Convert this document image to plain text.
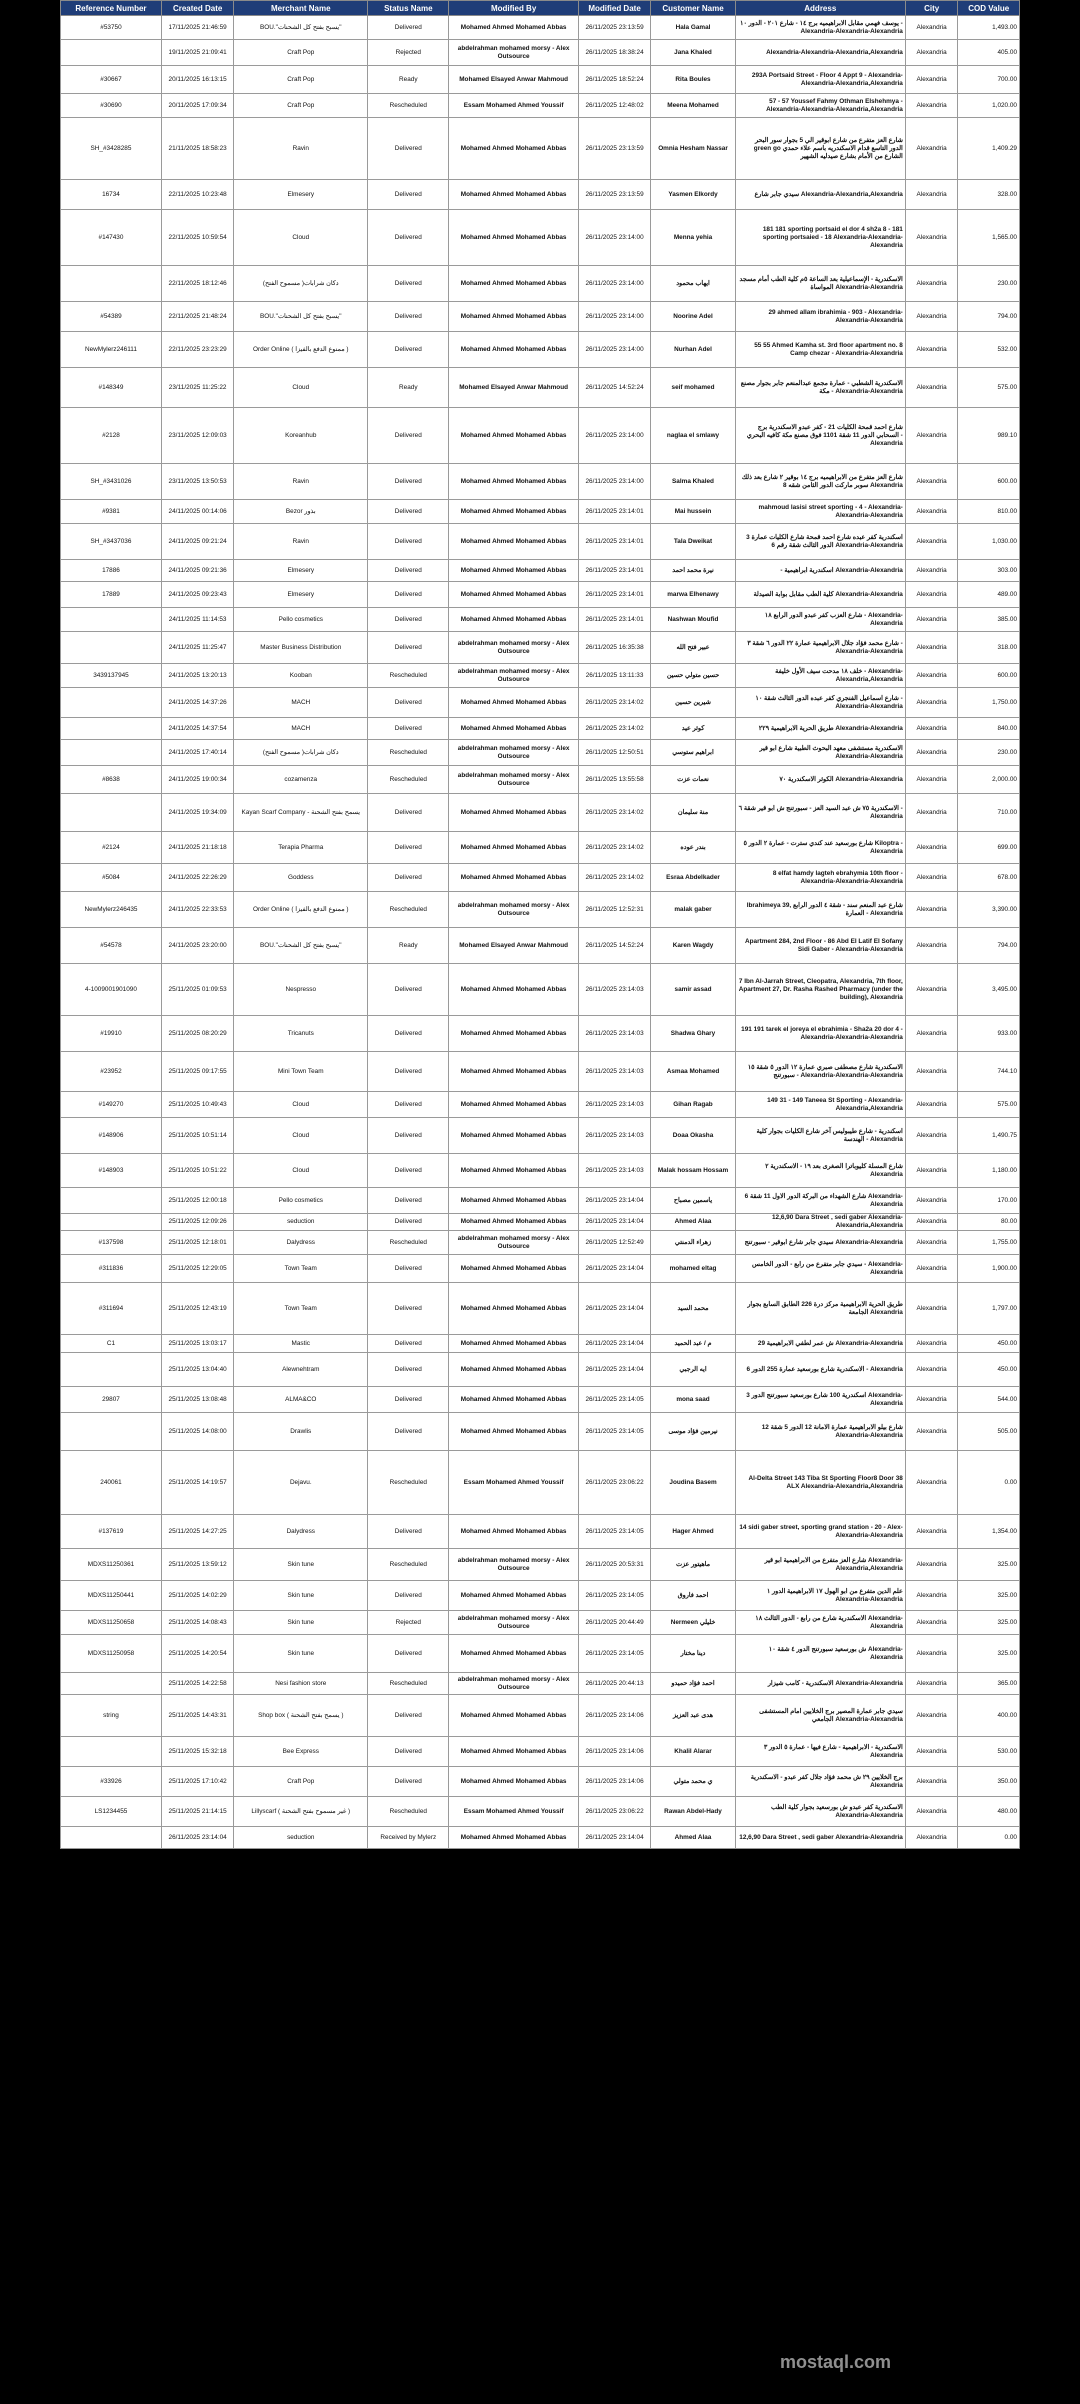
Reference Number	Created Date	Merchant Name	Status Name	Modified By	Modified Date	Customer Name	Address	City	COD Value
#53750	17/11/2025 21:46:59	BOU."يسبح بفتح كل الشحنات"	Delivered	Mohamed Ahmed Mohamed Abbas	26/11/2025 23:13:59	Hala Gamal	يوسف فهمي مقابل الابراهيميه برج ١٤ - شارع ٢٠١ - الدور ١٠ - Alexandria-Alexandria-Alexandria	Alexandria	1,493.00
	19/11/2025 21:09:41	Craft Pop	Rejected	abdelrahman mohamed morsy - Alex Outsource	26/11/2025 18:38:24	Jana Khaled	Alexandria-Alexandria-Alexandria,Alexandria	Alexandria	405.00
#30667	20/11/2025 16:13:15	Craft Pop	Ready	Mohamed Elsayed Anwar Mahmoud	26/11/2025 18:52:24	Rita Boules	293A Portsaid Street - Floor 4 Appt 9 - Alexandria-Alexandria-Alexandria,Alexandria	Alexandria	700.00
#30690	20/11/2025 17:09:34	Craft Pop	Rescheduled	Essam Mohamed Ahmed Youssif	26/11/2025 12:48:02	Meena Mohamed	57 - 57 Youssef Fahmy Othman Elshehmya - Alexandria-Alexandria-Alexandria,Alexandria	Alexandria	1,020.00
SH_#3428285	21/11/2025 18:58:23	Ravin	Delivered	Mohamed Ahmed Mohamed Abbas	26/11/2025 23:13:59	Omnia Hesham Nassar	شارع العز متفرع من شارع ابوقير الي 5 بجوار سور البحر green go الدور التاسع قدام الاسكندريه باسم علاء حمدي الشارع من الأمام بشارع صيدليه الشهير	Alexandria	1,409.29
16734	22/11/2025 10:23:48	Elmesery	Delivered	Mohamed Ahmed Mohamed Abbas	26/11/2025 23:13:59	Yasmen Elkordy	سيدي جابر شارع Alexandria-Alexandria,Alexandria	Alexandria	328.00
#147430	22/11/2025 10:59:54	Cloud	Delivered	Mohamed Ahmed Mohamed Abbas	26/11/2025 23:14:00	Menna yehia	181 181 sporting portsaid el dor 4 sh2a 8 - 181 sporting portsaied - 18 Alexandria-Alexandria-Alexandria	Alexandria	1,565.00
	22/11/2025 18:12:46	دكان شرابات( مسموح الفتح)	Delivered	Mohamed Ahmed Mohamed Abbas	26/11/2025 23:14:00	ايهاب محمود	الاسكندرية - الإسماعيلية بعد الساعة ٥م كلية الطب أمام مسجد المواساة Alexandria-Alexandria	Alexandria	230.00
#54389	22/11/2025 21:48:24	BOU."يسبح بفتح كل الشحنات"	Delivered	Mohamed Ahmed Mohamed Abbas	26/11/2025 23:14:00	Noorine Adel	29 ahmed allam ibrahimia - 903 - Alexandria-Alexandria-Alexandria	Alexandria	794.00
NewMylerz246111	22/11/2025 23:23:29	Order Online ( ممنوع الدفع بالفيزا )	Delivered	Mohamed Ahmed Mohamed Abbas	26/11/2025 23:14:00	Nurhan Adel	55 55 Ahmed Kamha st. 3rd floor apartment no. 8 Camp chezar - Alexandria-Alexandria	Alexandria	532.00
#148349	23/11/2025 11:25:22	Cloud	Ready	Mohamed Elsayed Anwar Mahmoud	26/11/2025 14:52:24	seif mohamed	الاسكندرية الشطبي - عمارة مجمع عبدالمنعم جابر بجوار مصنع مكة - Alexandria-Alexandria	Alexandria	575.00
#2128	23/11/2025 12:09:03	Koreanhub	Delivered	Mohamed Ahmed Mohamed Abbas	26/11/2025 23:14:00	naglaa el smlawy	شارع احمد قمحة الكليات 21 - كفر عبدو الاسكندرية برج السحابي الدور 11 شقة 1101 فوق مصنع مكة كافيه البحري - Alexandria	Alexandria	989.10
SH_#3431026	23/11/2025 13:50:53	Ravin	Delivered	Mohamed Ahmed Mohamed Abbas	26/11/2025 23:14:00	Salma Khaled	شارع العز متفرع من الابراهيميه برج ١٤ بوقير ٢ شارع بعد ذلك سوبر ماركت الدور الثامن شقه 8 Alexandria	Alexandria	600.00
#9381	24/11/2025 00:14:06	Bezor بذور	Delivered	Mohamed Ahmed Mohamed Abbas	26/11/2025 23:14:01	Mai hussein	mahmoud lasisi street sporting - 4 - Alexandria-Alexandria-Alexandria	Alexandria	810.00
SH_#3437036	24/11/2025 09:21:24	Ravin	Delivered	Mohamed Ahmed Mohamed Abbas	26/11/2025 23:14:01	Tala Dweikat	اسكندرية كفر عبده شارع احمد قمحة شارع الكليات عمارة 3 الدور الثالث شقة رقم 6 Alexandria-Alexandria	Alexandria	1,030.00
17886	24/11/2025 09:21:36	Elmesery	Delivered	Mohamed Ahmed Mohamed Abbas	26/11/2025 23:14:01	نيرة محمد احمد	- اسكندرية ابراهيمية Alexandria-Alexandria	Alexandria	303.00
17889	24/11/2025 09:23:43	Elmesery	Delivered	Mohamed Ahmed Mohamed Abbas	26/11/2025 23:14:01	marwa Elhenawy	كلية الطب مقابل بوابة الصيدلة Alexandria-Alexandria	Alexandria	489.00
	24/11/2025 11:14:53	Pello cosmetics	Delivered	Mohamed Ahmed Mohamed Abbas	26/11/2025 23:14:01	Nashwan Moufid	شارع العزب كفر عبدو الدور الرابع ١٨ - Alexandria-Alexandria	Alexandria	385.00
	24/11/2025 11:25:47	Master Business Distribution	Delivered	abdelrahman mohamed morsy - Alex Outsource	26/11/2025 16:35:38	عبير فتح الله	شارع محمد فؤاد جلال الابراهيمية عمارة ٢٢ الدور ٦ شقة ٣ - Alexandria-Alexandria	Alexandria	318.00
3439137945	24/11/2025 13:20:13	Kooban	Rescheduled	abdelrahman mohamed morsy - Alex Outsource	26/11/2025 13:11:33	حسين متولي حسين	خلف ١٨ مدحت سيف الأول خليفة - Alexandria-Alexandria,Alexandria	Alexandria	600.00
	24/11/2025 14:37:26	MACH	Delivered	Mohamed Ahmed Mohamed Abbas	26/11/2025 23:14:02	شيرين حسين	شارع اسماعيل الفنجري كفر عبده الدور الثالث شقة ١٠ - Alexandria-Alexandria	Alexandria	1,750.00
	24/11/2025 14:37:54	MACH	Delivered	Mohamed Ahmed Mohamed Abbas	26/11/2025 23:14:02	كوثر عيد	طريق الحرية الابراهيمية ٢٢٩ Alexandria-Alexandria	Alexandria	840.00
	24/11/2025 17:40:14	دكان شرابات( مسموح الفتح)	Rescheduled	abdelrahman mohamed morsy - Alex Outsource	26/11/2025 12:50:51	ابراهيم ستوسي	الاسكندرية مستشفى معهد البحوث الطبية شارع ابو قير Alexandria-Alexandria	Alexandria	230.00
#8638	24/11/2025 19:00:34	cozamenza	Rescheduled	abdelrahman mohamed morsy - Alex Outsource	26/11/2025 13:55:58	نعمات عزت	الكوثر الاسكندرية ٧٠ Alexandria-Alexandria	Alexandria	2,000.00
	24/11/2025 19:34:09	Kayan Scarf Company - يسمح بفتح الشحنة	Delivered	Mohamed Ahmed Mohamed Abbas	26/11/2025 23:14:02	منة سليمان	الاسكندرية ٧٥ ش عبد السيد العز - سبورتنج ش ابو قير شقة ٦ - Alexandria	Alexandria	710.00
#2124	24/11/2025 21:18:18	Terapia Pharma	Delivered	Mohamed Ahmed Mohamed Abbas	26/11/2025 23:14:02	بندر عوده	شارع بورسعيد عند كندي سترت - عمارة ٢ الدور ٥ Kiloptra - Alexandria	Alexandria	699.00
#5084	24/11/2025 22:26:29	Goddess	Delivered	Mohamed Ahmed Mohamed Abbas	26/11/2025 23:14:02	Esraa Abdelkader	8 elfat hamdy lagteh ebrahymia 10th floor - Alexandria-Alexandria-Alexandria	Alexandria	678.00
NewMylerz246435	24/11/2025 22:33:53	Order Online ( ممنوع الدفع بالفيزا )	Rescheduled	abdelrahman mohamed morsy - Alex Outsource	26/11/2025 12:52:31	malak gaber	Ibrahimeya 39, شارع عبد المنعم سند - شقة ٤ الدور الرابع العمارة - Alexandria	Alexandria	3,390.00
#54578	24/11/2025 23:20:00	BOU."يسبح بفتح كل الشحنات"	Ready	Mohamed Elsayed Anwar Mahmoud	26/11/2025 14:52:24	Karen Wagdy	Apartment 284, 2nd Floor - 86 Abd El Latif El Sofany Sidi Gaber - Alexandria-Alexandria	Alexandria	794.00
4-1009001901090	25/11/2025 01:09:53	Nespresso	Delivered	Mohamed Ahmed Mohamed Abbas	26/11/2025 23:14:03	samir assad	7 Ibn Al-Jarrah Street, Cleopatra, Alexandria, 7th floor, Apartment 27, Dr. Rasha Rashed Pharmacy (under the building), Alexandria	Alexandria	3,495.00
#19910	25/11/2025 08:20:29	Tricanuts	Delivered	Mohamed Ahmed Mohamed Abbas	26/11/2025 23:14:03	Shadwa Ghary	191 191 tarek el joreya el ebrahimia - Sha2a 20 dor 4 - Alexandria-Alexandria-Alexandria	Alexandria	933.00
#23952	25/11/2025 09:17:55	Mini Town Team	Delivered	Mohamed Ahmed Mohamed Abbas	26/11/2025 23:14:03	Asmaa Mohamed	الاسكندرية شارع مصطفى صبري عمارة ١٢ الدور ٥ شقة ١٥ سبورتنج - Alexandria-Alexandria-Alexandria	Alexandria	744.10
#149270	25/11/2025 10:49:43	Cloud	Delivered	Mohamed Ahmed Mohamed Abbas	26/11/2025 23:14:03	Gihan Ragab	149 31 - 149 Taneea St Sporting - Alexandria-Alexandria,Alexandria	Alexandria	575.00
#148906	25/11/2025 10:51:14	Cloud	Delivered	Mohamed Ahmed Mohamed Abbas	26/11/2025 23:14:03	Doaa Okasha	اسكندرية - شارع طيبوليس آخر شارع الكليات بجوار كلية الهندسة - Alexandria	Alexandria	1,490.75
#148903	25/11/2025 10:51:22	Cloud	Delivered	Mohamed Ahmed Mohamed Abbas	26/11/2025 23:14:03	Malak hossam Hossam	شارع المسلة كليوباترا الصغرى بعد ١٩ - الاسكندرية ٢ Alexandria	Alexandria	1,180.00
	25/11/2025 12:00:18	Pello cosmetics	Delivered	Mohamed Ahmed Mohamed Abbas	26/11/2025 23:14:04	ياسمين مصباح	شارع الشهداء من البركة الدور الاول 11 شقة 6 Alexandria-Alexandria	Alexandria	170.00
	25/11/2025 12:09:26	seduction	Delivered	Mohamed Ahmed Mohamed Abbas	26/11/2025 23:14:04	Ahmed Alaa	12,6,90 Dara Street , sedi gaber Alexandria-Alexandria,Alexandria	Alexandria	80.00
#137598	25/11/2025 12:18:01	Dalydress	Rescheduled	abdelrahman mohamed morsy - Alex Outsource	26/11/2025 12:52:49	زهراء الدمنتي	سيدي جابر شارع ابوقير - سبورتنج Alexandria-Alexandria	Alexandria	1,755.00
#311836	25/11/2025 12:29:05	Town Team	Delivered	Mohamed Ahmed Mohamed Abbas	26/11/2025 23:14:04	mohamed eltag	سيدي جابر متفرع من رابع - الدور الخامس - Alexandria-Alexandria	Alexandria	1,900.00
#311694	25/11/2025 12:43:19	Town Team	Delivered	Mohamed Ahmed Mohamed Abbas	26/11/2025 23:14:04	محمد السيد	طريق الحرية الابراهيمية مركز درة 226 الطابق السابع بجوار الجامعة Alexandria	Alexandria	1,797.00
C1	25/11/2025 13:03:17	Mastic	Delivered	Mohamed Ahmed Mohamed Abbas	26/11/2025 23:14:04	م / عبد الحميد	ش عمر لطفي الابراهيمية 29 Alexandria-Alexandria	Alexandria	450.00
	25/11/2025 13:04:40	Alewnehtram	Delivered	Mohamed Ahmed Mohamed Abbas	26/11/2025 23:14:04	ايه الرجبي	الاسكندرية شارع بورسعيد عمارة 255 الدور 6 - Alexandria	Alexandria	450.00
29807	25/11/2025 13:08:48	ALMA&CO	Delivered	Mohamed Ahmed Mohamed Abbas	26/11/2025 23:14:05	mona saad	اسكندرية 100 شارع بورسعيد سبورتنج الدور 3 Alexandria-Alexandria	Alexandria	544.00
	25/11/2025 14:08:00	Drawlis	Delivered	Mohamed Ahmed Mohamed Abbas	26/11/2025 23:14:05	نيرمين فؤاد موسى	شارع بيلو الابراهيمية عمارة الامانة 12 الدور 5 شقة 12 Alexandria-Alexandria	Alexandria	505.00
240061	25/11/2025 14:19:57	Dejavu.	Rescheduled	Essam Mohamed Ahmed Youssif	26/11/2025 23:06:22	Joudina Basem	Al-Delta Street 143 Tiba St Sporting Floor8 Door 38 ALX Alexandria-Alexandria,Alexandria	Alexandria	0.00
#137619	25/11/2025 14:27:25	Dalydress	Delivered	Mohamed Ahmed Mohamed Abbas	26/11/2025 23:14:05	Hager Ahmed	14 sidi gaber street, sporting grand station - 20 - Alex-Alexandria-Alexandria	Alexandria	1,354.00
MDXS11250361	25/11/2025 13:59:12	Skin tune	Rescheduled	abdelrahman mohamed morsy - Alex Outsource	26/11/2025 20:53:31	ماهيتور عزت	شارع العز متفرع من الابراهيمية ابو قير Alexandria-Alexandria,Alexandria	Alexandria	325.00
MDXS11250441	25/11/2025 14:02:29	Skin tune	Delivered	Mohamed Ahmed Mohamed Abbas	26/11/2025 23:14:05	احمد فاروق	علم الدين متفرع من ابو الهول ١٧ الابراهيمية الدور ١ Alexandria-Alexandria	Alexandria	325.00
MDXS11250658	25/11/2025 14:08:43	Skin tune	Rejected	abdelrahman mohamed morsy - Alex Outsource	26/11/2025 20:44:49	Nermeen خليلي	الاسكندرية شارع من رابع - الدور الثالث ١٨ Alexandria-Alexandria	Alexandria	325.00
MDXS11250958	25/11/2025 14:20:54	Skin tune	Delivered	Mohamed Ahmed Mohamed Abbas	26/11/2025 23:14:05	دينا مختار	ش بورسعيد سبورتنج الدور ٤ شقة ١٠ Alexandria-Alexandria	Alexandria	325.00
	25/11/2025 14:22:58	Nesi fashion store	Rescheduled	abdelrahman mohamed morsy - Alex Outsource	26/11/2025 20:44:13	احمد فؤاد حميدو	الاسكندرية - كامب شيزار Alexandria-Alexandria	Alexandria	365.00
string	25/11/2025 14:43:31	Shop box ( يسمح بفتح الشحنة )	Delivered	Mohamed Ahmed Mohamed Abbas	26/11/2025 23:14:06	هدى عبد العزيز	سيدي جابر عمارة المصير برج الخلايين امام المستشفى الجامعي Alexandria-Alexandria	Alexandria	400.00
	25/11/2025 15:32:18	Bee Express	Delivered	Mohamed Ahmed Mohamed Abbas	26/11/2025 23:14:06	Khalil Alarar	الاسكندرية - الابراهيمية - شارع فيها - عمارة ٥ الدور ٣ Alexandria	Alexandria	530.00
#33926	25/11/2025 17:10:42	Craft Pop	Delivered	Mohamed Ahmed Mohamed Abbas	26/11/2025 23:14:06	ي محمد متولي	برج الخلايين ٢٩ ش محمد فؤاد جلال كفر عبدو - الاسكندرية Alexandria	Alexandria	350.00
LS1234455	25/11/2025 21:14:15	Lillyscarf ( غير مسموح بفتح الشحنة )	Rescheduled	Essam Mohamed Ahmed Youssif	26/11/2025 23:06:22	Rawan Abdel-Hady	الاسكندرية كفر عبدو ش بورسعيد بجوار كلية الطب Alexandria-Alexandria	Alexandria	480.00
	26/11/2025 23:14:04	seduction	Received by Mylerz	Mohamed Ahmed Mohamed Abbas	26/11/2025 23:14:04	Ahmed Alaa	12,6,90 Dara Street , sedi gaber Alexandria-Alexandria	Alexandria	0.00
mostaql.com
